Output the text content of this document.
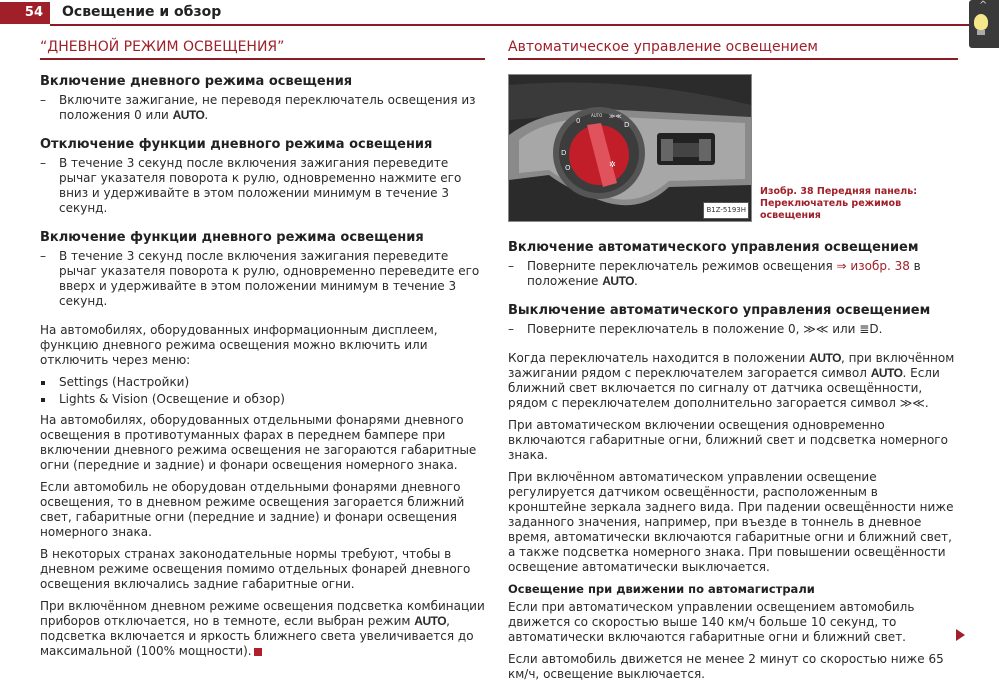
54	Освещение и обзор	^
“ДНЕВНОЙ РЕЖИМ ОСВЕЩЕНИЯ”
Включение дневного режима освещения
–	Включите зажигание, не переводя переключатель освещения из положения 0 или AUTO.
Отключение функции дневного режима освещения
–	В течение 3 секунд после включения зажигания переведите рычаг указателя поворота к рулю, одновременно нажмите его вниз и удерживайте в этом положении минимум в течение 3 секунд.
Включение функции дневного режима освещения
–	В течение 3 секунд после включения зажигания переведите рычаг указателя поворота к рулю, одновременно переведите его вверх и удерживайте в этом положении минимум в течение 3 секунд.

На автомобилях, оборудованных информационным дисплеем, функцию дневного режима освещения можно включить или отключить через меню:

Settings (Настройки)
Lights & Vision (Освещение и обзор)

На автомобилях, оборудованных отдельными фонарями дневного освещения в противотуманных фарах в переднем бампере при включении дневного режима освещения не загораются габаритные огни (передние и задние) и фонари освещения номерного знака.

Если автомобиль не оборудован отдельными фонарями дневного освещения, то в дневном режиме освещения загорается ближний свет, габаритные огни (передние и задние) и фонари освещения номерного знака.

В некоторых странах законодательные нормы требуют, чтобы в дневном режиме освещения помимо отдельных фонарей дневного освещения включались задние габаритные огни.

При включённом дневном режиме освещения подсветка комбинации приборов отключается, но в темноте, если выбран режим AUTO, подсветка включается и яркость ближнего света увеличивается до максимальной (100% мощности).

Автоматическое управление освещением
0
AUTO ≫≪
D
D
O	✲
B1Z-5193H
Изобр. 38 Передняя панель:
Переключатель режимов освещения
Включение автоматического управления освещением
–	Поверните переключатель режимов освещения ⇒ изобр. 38 в положение AUTO.
Выключение автоматического управления освещением
–	Поверните переключатель в положение 0, ≫≪ или ≣D.

Когда переключатель находится в положении AUTO, при включённом зажигании рядом с переключателем загорается символ AUTO. Если ближний свет включается по сигналу от датчика освещённости, рядом с переключателем дополнительно загорается символ ≫≪.

При автоматическом включении освещения одновременно включаются габаритные огни, ближний свет и подсветка номерного знака.

При включённом автоматическом управлении освещение регулируется датчиком освещённости, расположенным в кронштейне зеркала заднего вида. При падении освещённости ниже заданного значения, например, при въезде в тоннель в дневное время, автоматически включаются габаритные огни и ближний свет, а также подсветка номерного знака. При повышении освещённости освещение автоматически выключается.

Освещение при движении по автомагистрали

Если при автоматическом управлении освещением автомобиль движется со скоростью выше 140 км/ч больше 10 секунд, то автоматически включаются габаритные огни и ближний свет.

Если автомобиль движется не менее 2 минут со скоростью ниже 65 км/ч, освещение выключается.
